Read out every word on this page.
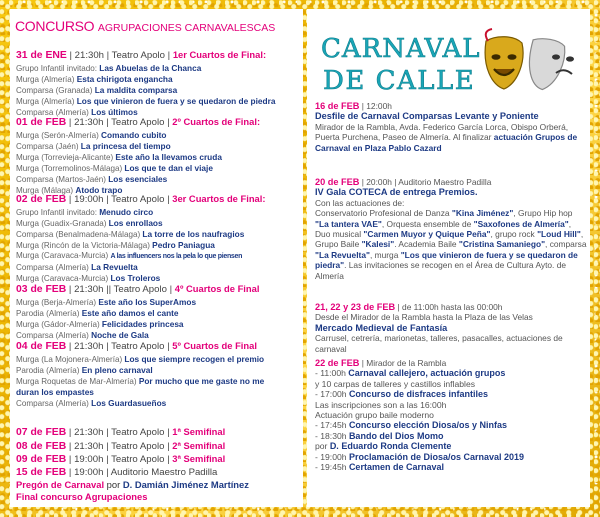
CONCURSO AGRUPACIONES CARNAVALESCAS
31 de ENE | 21:30h | Teatro Apolo | 1er Cuartos de Final:
Grupo Infantil invitado: Las Abuelas de la Chanca
Murga (Almería) Esta chirigota engancha
Comparsa (Granada) La maldita comparsa
Murga (Almería) Los que vinieron de fuera y se quedaron de piedra
Comparsa (Almería) Los últimos
01 de FEB | 21:30h | Teatro Apolo | 2º Cuartos de Final:
Murga (Serón-Almería) Comando cubito
Comparsa (Jaén) La princesa del tiempo
Murga (Torrevieja-Alicante) Este año la llevamos cruda
Murga (Torremolinos-Málaga) Los que te dan el viaje
Comparsa (Martos-Jaén) Los esenciales
Murga (Málaga) Atodo trapo
02 de FEB | 19:00h | Teatro Apolo | 3er Cuartos de Final:
Grupo Infantil invitado: Menudo circo
Murga (Guadix-Granada) Los enrollaos
Comparsa (Benalmadena-Málaga) La torre de los naufragios
Murga (Rincón de la Victoria-Málaga) Pedro Paniagua
Murga (Caravaca-Murcia) A las influencers nos la pela lo que piensen
Comparsa (Almería) La Revuelta
Murga (Caravaca-Murcia) Los Troleros
03 de FEB | 21:30h || Teatro Apolo | 4º Cuartos de Final
Murga (Berja-Almería) Este año los SuperAmos
Parodia (Almería) Este año damos el cante
Murga (Gádor-Almería) Felicidades princesa
Comparsa (Almería) Noche de Gala
04 de FEB | 21:30h | Teatro Apolo | 5º Cuartos de Final
Murga (La Mojonera-Almería) Los que siempre recogen el premio
Parodia (Almería) En pleno carnaval
Murga Roquetas de Mar-Almería) Por mucho que me gaste no me duran los empastes
Comparsa (Almería) Los Guardasueños
07 de FEB | 21:30h | Teatro Apolo | 1ª Semifinal
08 de FEB | 21:30h | Teatro Apolo | 2ª Semifinal
09 de FEB | 19:00h | Teatro Apolo | 3ª Semifinal
15 de FEB | 19:00h | Auditorio Maestro Padilla
Pregón de Carnaval por D. Damián Jiménez Martínez
Final concurso Agrupaciones
CARNAVAL
DE CALLE
16 de FEB | 12:00h
Desfile de Carnaval Comparsas Levante y Poniente
Mirador de la Rambla, Avda. Federico García Lorca, Obispo Orberá, Puerta Purchena, Paseo de Almería. Al finalizar actuación Grupos de Carnaval en Plaza Pablo Cazard
20 de FEB | 20:00h | Auditorio Maestro Padilla
IV Gala COTECA de entrega Premios.
Con las actuaciones de:
Conservatorio Profesional de Danza "Kina Jiménez", Grupo Hip hop "La tantera VAE", Orquesta ensemble de "Saxofones de Almería", Duo musical "Carmen Muyor y Quique Peña", grupo rock "Loud Hill", Grupo Baile "Kalesi". Academia Baile "Cristina Samaniego", comparsa "La Revuelta", murga "Los que vinieron de fuera y se quedaron de piedra". Las invitaciones se recogen en el Área de Cultura Ayto. de Almería
21, 22 y 23 de FEB | de 11:00h hasta las 00:00h
Desde el Mirador de la Rambla hasta la Plaza de las Velas
Mercado Medieval de Fantasía
Carrusel, cetrería, marionetas, talleres, pasacalles, actuaciones de carnaval
22 de FEB | Mirador de la Rambla
- 11:00h Carnaval callejero, actuación grupos
y 10 carpas de talleres y castillos inflables
- 17:00h Concurso de disfraces infantiles
Las inscripciones son a las 16:00h
Actuación grupo baile moderno
- 17:45h Concurso elección Diosa/os y Ninfas
- 18:30h Bando del Dios Momo
por D. Eduardo Ronda Clemente
- 19:00h Proclamación de Diosa/os Carnaval 2019
- 19:45h Certamen de Carnaval
